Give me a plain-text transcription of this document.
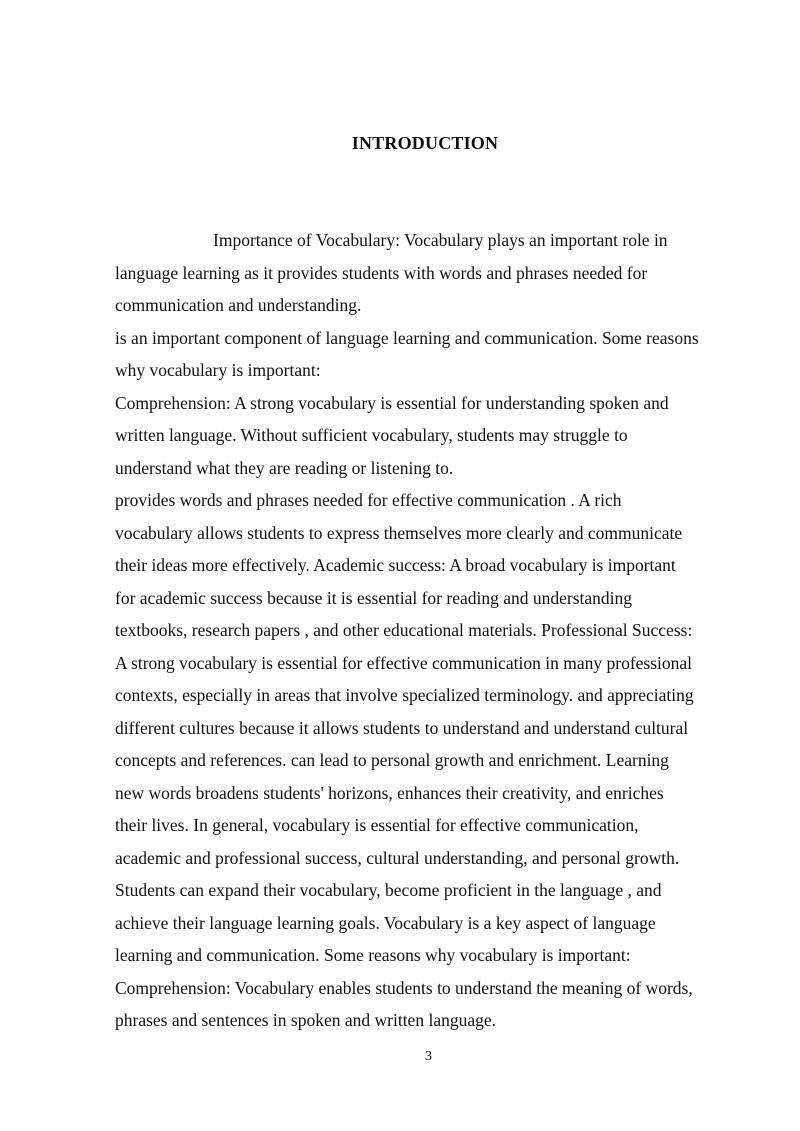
INTRODUCTION
Importance of Vocabulary: Vocabulary plays an important role in
language learning as it provides students with words and phrases needed for
communication and understanding.
is an important component of language learning and communication. Some reasons
why vocabulary is important:
Comprehension: A strong vocabulary is essential for understanding spoken and
written language. Without sufficient vocabulary, students may struggle to
understand what they are reading or listening to.
provides words and phrases needed for effective communication . A rich
vocabulary allows students to express themselves more clearly and communicate
their ideas more effectively. Academic success: A broad vocabulary is important
for academic success because it is essential for reading and understanding
textbooks, research papers , and other educational materials. Professional Success:
A strong vocabulary is essential for effective communication in many professional
contexts, especially in areas that involve specialized terminology. and appreciating
different cultures because it allows students to understand and understand cultural
concepts and references. can lead to personal growth and enrichment. Learning
new words broadens students' horizons, enhances their creativity, and enriches
their lives. In general, vocabulary is essential for effective communication,
academic and professional success, cultural understanding, and personal growth.
Students can expand their vocabulary, become proficient in the language , and
achieve their language learning goals. Vocabulary is a key aspect of language
learning and communication. Some reasons why vocabulary is important:
Comprehension: Vocabulary enables students to understand the meaning of words,
phrases and sentences in spoken and written language.
3
